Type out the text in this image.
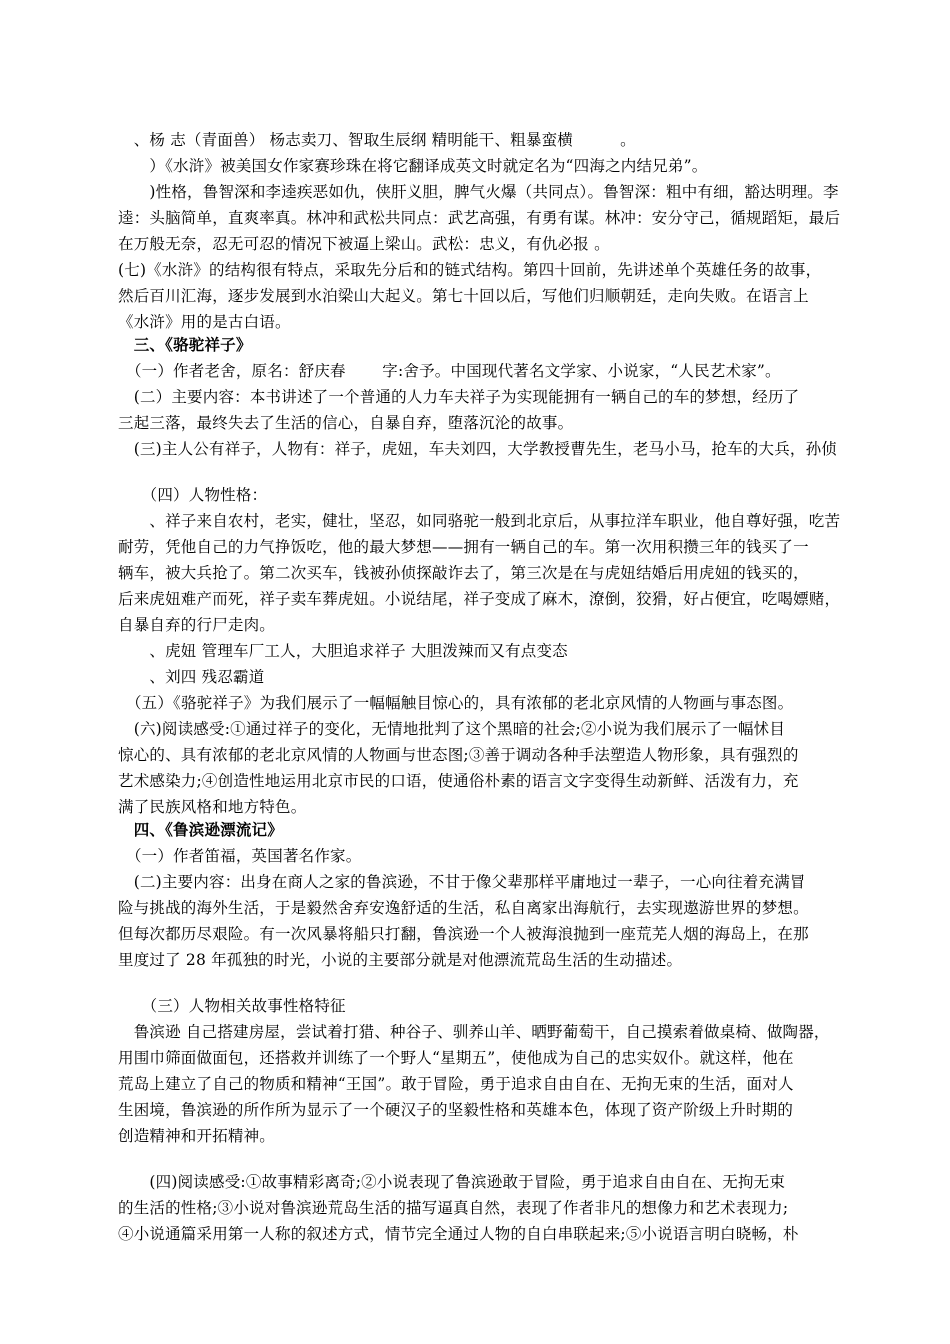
　、杨 志（青面兽） 杨志卖刀、智取生辰纲 精明能干、粗暴蛮横　　　。
　　）《水浒》被美国女作家赛珍珠在将它翻译成英文时就定名为“四海之内结兄弟”。
　　)性格，鲁智深和李逵疾恶如仇，侠肝义胆，脾气火爆（共同点）。鲁智深：粗中有细，豁达明理。李
逵：头脑简单，直爽率真。林冲和武松共同点：武艺高强，有勇有谋。林冲：安分守己，循规蹈矩，最后
在万般无奈，忍无可忍的情况下被逼上梁山。武松：忠义，有仇必报 。
(七)《水浒》的结构很有特点，采取先分后和的链式结构。第四十回前，先讲述单个英雄任务的故事，
然后百川汇海，逐步发展到水泊梁山大起义。第七十回以后，写他们归顺朝廷，走向失败。在语言上
《水浒》用的是古白语。
　三、《骆驼祥子》
　（一）作者老舍，原名：舒庆春　　 字:舍予。中国现代著名文学家、小说家，“人民艺术家”。
　(二）主要内容：本书讲述了一个普通的人力车夫祥子为实现能拥有一辆自己的车的梦想，经历了
三起三落，最终失去了生活的信心，自暴自弃，堕落沉沦的故事。
　(三)主人公有祥子，人物有：祥子，虎妞，车夫刘四，大学教授曹先生，老马小马，抢车的大兵，孙侦
　　（四）人物性格：
　　、祥子来自农村，老实，健壮，坚忍，如同骆驼一般到北京后，从事拉洋车职业，他自尊好强，吃苦
耐劳，凭他自己的力气挣饭吃，他的最大梦想——拥有一辆自己的车。第一次用积攒三年的钱买了一
辆车，被大兵抢了。第二次买车，钱被孙侦探敲诈去了，第三次是在与虎妞结婚后用虎妞的钱买的，
后来虎妞难产而死，祥子卖车葬虎妞。小说结尾，祥子变成了麻木，潦倒，狡猾，好占便宜，吃喝嫖赌，
自暴自弃的行尸走肉。
　　、虎妞 管理车厂工人，大胆追求祥子 大胆泼辣而又有点变态
　　、刘四 残忍霸道
　（五）《骆驼祥子》为我们展示了一幅幅触目惊心的，具有浓郁的老北京风情的人物画与事态图。
　(六)阅读感受:①通过祥子的变化，无情地批判了这个黑暗的社会;②小说为我们展示了一幅怵目
惊心的、具有浓郁的老北京风情的人物画与世态图;③善于调动各种手法塑造人物形象，具有强烈的
艺术感染力;④创造性地运用北京市民的口语，使通俗朴素的语言文字变得生动新鲜、活泼有力，充
满了民族风格和地方特色。
　四、《鲁滨逊漂流记》
　（一）作者笛福，英国著名作家。
　(二)主要内容：出身在商人之家的鲁滨逊，不甘于像父辈那样平庸地过一辈子，一心向往着充满冒
险与挑战的海外生活，于是毅然舍弃安逸舒适的生活，私自离家出海航行，去实现遨游世界的梦想。
但每次都历尽艰险。有一次风暴将船只打翻，鲁滨逊一个人被海浪抛到一座荒芜人烟的海岛上，在那
里度过了 28 年孤独的时光，小说的主要部分就是对他漂流荒岛生活的生动描述。
　　（三）人物相关故事性格特征
　鲁滨逊 自己搭建房屋，尝试着打猎、种谷子、驯养山羊、晒野葡萄干，自己摸索着做桌椅、做陶器，
用围巾筛面做面包，还搭救并训练了一个野人“星期五”，使他成为自己的忠实奴仆。就这样，他在
荒岛上建立了自己的物质和精神“王国”。敢于冒险，勇于追求自由自在、无拘无束的生活，面对人
生困境，鲁滨逊的所作所为显示了一个硬汉子的坚毅性格和英雄本色，体现了资产阶级上升时期的
创造精神和开拓精神。
　　(四)阅读感受:①故事精彩离奇;②小说表现了鲁滨逊敢于冒险，勇于追求自由自在、无拘无束
的生活的性格;③小说对鲁滨逊荒岛生活的描写逼真自然，表现了作者非凡的想像力和艺术表现力;
④小说通篇采用第一人称的叙述方式，情节完全通过人物的自白串联起来;⑤小说语言明白晓畅，朴
